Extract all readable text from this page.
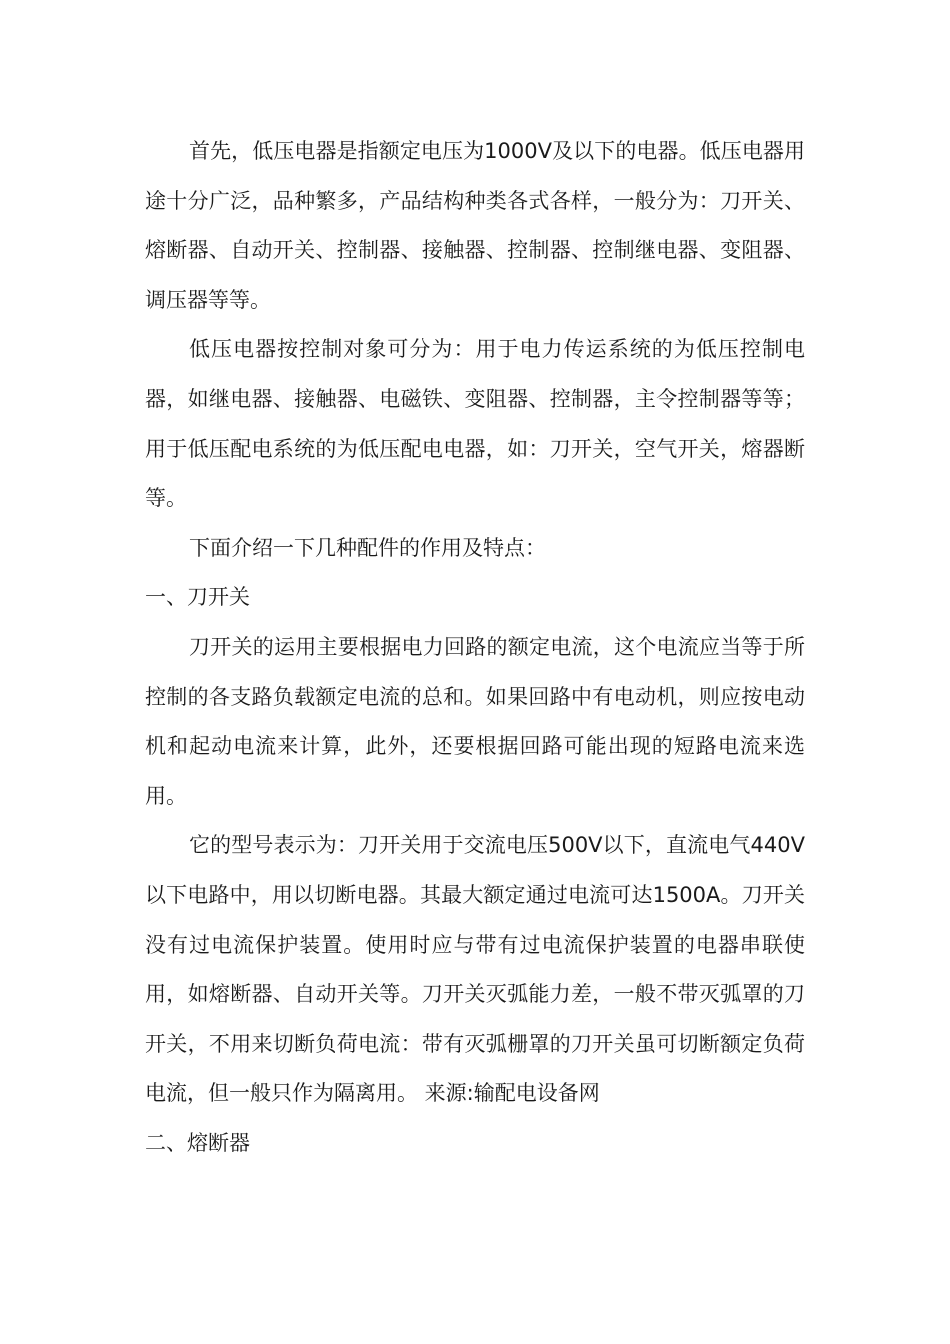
首先，低压电器是指额定电压为1000V及以下的电器。低压电器用途十分广泛，品种繁多，产品结构种类各式各样，一般分为：刀开关、熔断器、自动开关、控制器、接触器、控制器、控制继电器、变阻器、调压器等等。

低压电器按控制对象可分为：用于电力传运系统的为低压控制电器，如继电器、接触器、电磁铁、变阻器、控制器，主令控制器等等；用于低压配电系统的为低压配电电器，如：刀开关，空气开关，熔器断等。

下面介绍一下几种配件的作用及特点：

一、刀开关

刀开关的运用主要根据电力回路的额定电流，这个电流应当等于所控制的各支路负载额定电流的总和。如果回路中有电动机，则应按电动机和起动电流来计算，此外，还要根据回路可能出现的短路电流来选用。

它的型号表示为：刀开关用于交流电压500V以下，直流电气440V以下电路中，用以切断电器。其最大额定通过电流可达1500A。刀开关没有过电流保护装置。使用时应与带有过电流保护装置的电器串联使用，如熔断器、自动开关等。刀开关灭弧能力差，一般不带灭弧罩的刀开关，不用来切断负荷电流：带有灭弧栅罩的刀开关虽可切断额定负荷电流，但一般只作为隔离用。 来源:输配电设备网

二、熔断器
